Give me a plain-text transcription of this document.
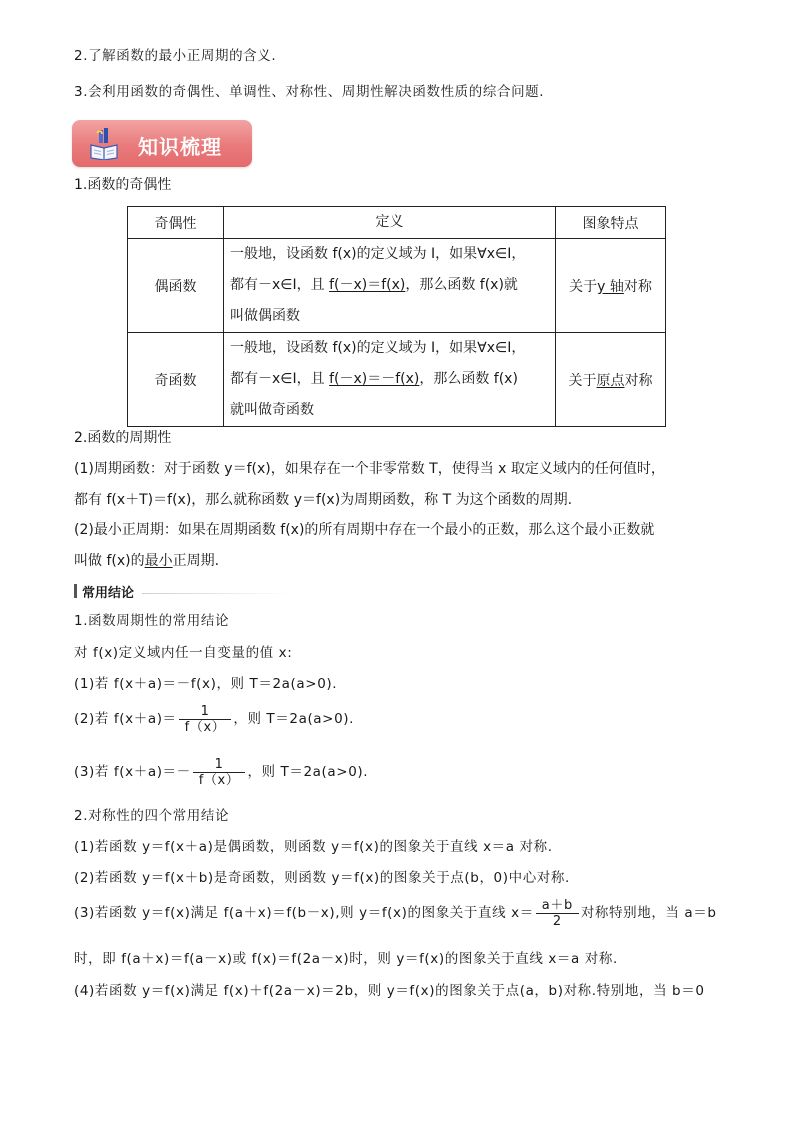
2.了解函数的最小正周期的含义.
3.会利用函数的奇偶性、单调性、对称性、周期性解决函数性质的综合问题.
知识梳理
1.函数的奇偶性
奇偶性	定义	图象特点
偶函数	一般地，设函数 f(x)的定义域为 I，如果∀x∈I，
都有－x∈I，且 f(－x)＝f(x)，那么函数 f(x)就
叫做偶函数	关于y 轴对称
奇函数	一般地，设函数 f(x)的定义域为 I，如果∀x∈I，
都有－x∈I，且 f(－x)＝－f(x)，那么函数 f(x)
就叫做奇函数	关于原点对称
2.函数的周期性
(1)周期函数：对于函数 y＝f(x)，如果存在一个非零常数 T，使得当 x 取定义域内的任何值时，
都有 f(x＋T)＝f(x)，那么就称函数 y＝f(x)为周期函数，称 T 为这个函数的周期.
(2)最小正周期：如果在周期函数 f(x)的所有周期中存在一个最小的正数，那么这个最小正数就
叫做 f(x)的最小正周期.
常用结论
1.函数周期性的常用结论
对 f(x)定义域内任一自变量的值 x:
(1)若 f(x＋a)＝－f(x)，则 T＝2a(a>0).
(2)若 $f(x+a)= \frac{1}{f(x)}$ ，则 T＝2a(a>0).
(3)若 $f(x+a)=- \frac{1}{f(x)}$ ，则 T＝2a(a>0).
2.对称性的四个常用结论
(1)若函数 y＝f(x＋a)是偶函数，则函数 y＝f(x)的图象关于直线 x＝a 对称.
(2)若函数 y＝f(x＋b)是奇函数，则函数 y＝f(x)的图象关于点(b，0)中心对称.
(3)若函数 y＝f(x)满足 f(a＋x)＝f(b－x),则 y＝f(x)的图象关于直线 $x= \frac{a+b}{2}$ 对称特别地，当 a＝b
时，即 f(a＋x)＝f(a－x)或 f(x)＝f(2a－x)时，则 y＝f(x)的图象关于直线 x＝a 对称.
(4)若函数 y＝f(x)满足 f(x)＋f(2a－x)＝2b，则 y＝f(x)的图象关于点(a，b)对称.特别地，当 b＝0
